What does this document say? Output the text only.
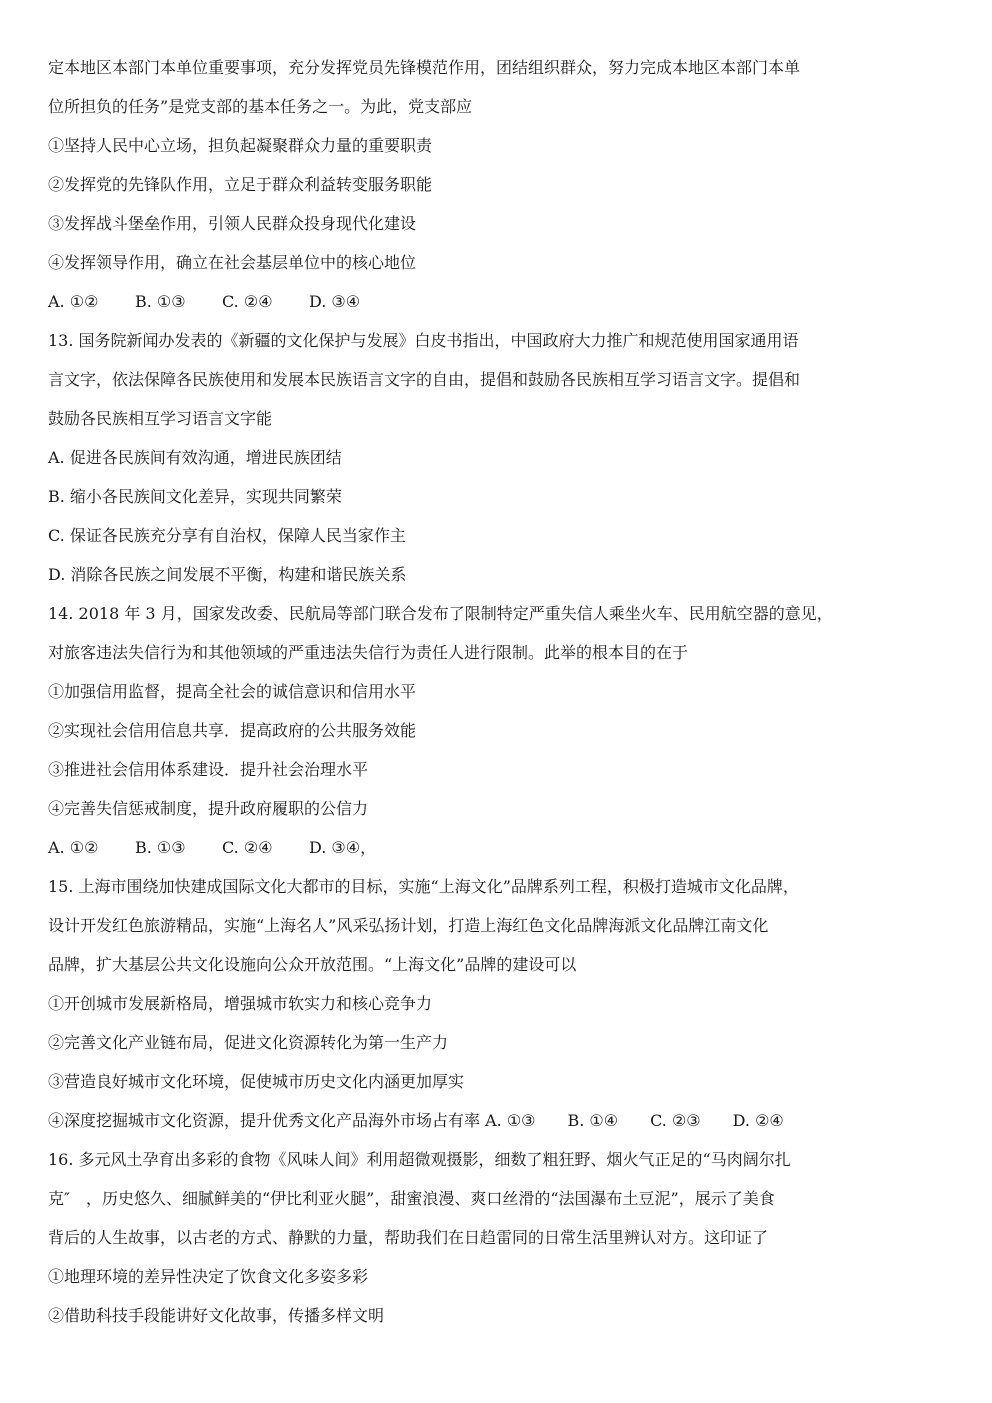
定本地区本部门本单位重要事项，充分发挥党员先锋模范作用，团结组织群众，努力完成本地区本部门本单
位所担负的任务”是党支部的基本任务之一。为此，党支部应
①坚持人民中心立场，担负起凝聚群众力量的重要职责
②发挥党的先锋队作用，立足于群众利益转变服务职能
③发挥战斗堡垒作用，引领人民群众投身现代化建设
④发挥领导作用，确立在社会基层单位中的核心地位
A. ①②	B. ①③	C. ②④	D. ③④
13. 国务院新闻办发表的《新疆的文化保护与发展》白皮书指出，中国政府大力推广和规范使用国家通用语
言文字，依法保障各民族使用和发展本民族语言文字的自由，提倡和鼓励各民族相互学习语言文字。提倡和
鼓励各民族相互学习语言文字能
A. 促进各民族间有效沟通，增进民族团结
B. 缩小各民族间文化差异，实现共同繁荣
C. 保证各民族充分享有自治权，保障人民当家作主
D. 消除各民族之间发展不平衡，构建和谐民族关系
14. 2018 年 3 月，国家发改委、民航局等部门联合发布了限制特定严重失信人乘坐火车、民用航空器的意见，
对旅客违法失信行为和其他领域的严重违法失信行为责任人进行限制。此举的根本目的在于
①加强信用监督，提高全社会的诚信意识和信用水平
②实现社会信用信息共享．提高政府的公共服务效能
③推进社会信用体系建设．提升社会治理水平
④完善失信惩戒制度，提升政府履职的公信力
A. ①②	B. ①③	C. ②④	D. ③④，
15. 上海市围绕加快建成国际文化大都市的目标，实施“上海文化”品牌系列工程，积极打造城市文化品牌，
设计开发红色旅游精品，实施“上海名人”风采弘扬计划，打造上海红色文化品牌海派文化品牌江南文化
品牌，扩大基层公共文化设施向公众开放范围。“上海文化”品牌的建设可以
①开创城市发展新格局，增强城市软实力和核心竞争力
②完善文化产业链布局，促进文化资源转化为第一生产力
③营造良好城市文化环境，促使城市历史文化内涵更加厚实
④深度挖掘城市文化资源，提升优秀文化产品海外市场占有率 A. ①③　　B. ①④　　C. ②③　　D. ②④
16. 多元风土孕育出多彩的食物《风味人间》利用超微观摄影，细数了粗狂野、烟火气正足的“马肉阔尔扎
克″　，历史悠久、细腻鲜美的“伊比利亚火腿”，甜蜜浪漫、爽口丝滑的“法国瀑布土豆泥”，展示了美食
背后的人生故事，以古老的方式、静默的力量，帮助我们在日趋雷同的日常生活里辨认对方。这印证了
①地理环境的差异性决定了饮食文化多姿多彩
②借助科技手段能讲好文化故事，传播多样文明
